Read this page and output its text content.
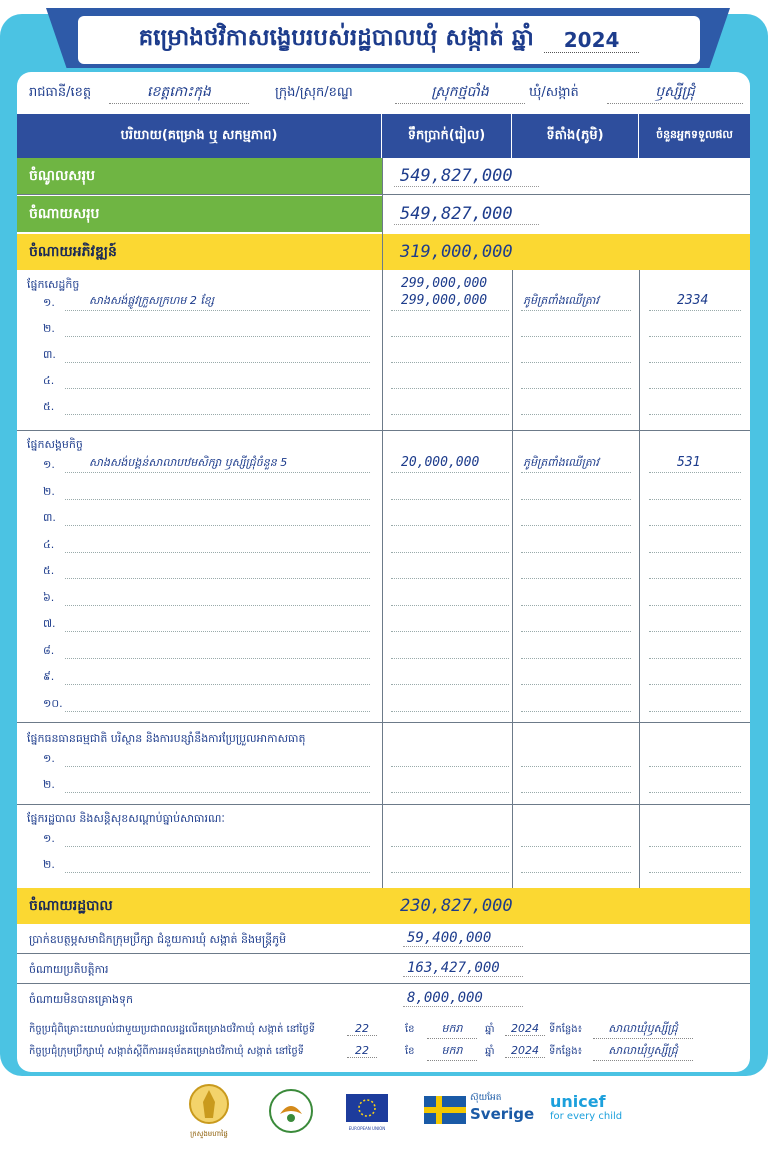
គម្រោងថវិកាសង្ខេបរបស់រដ្ឋបាលឃុំ សង្កាត់ ឆ្នាំ	2024
រាជធានី/ខេត្ត	ខេត្តកោះកុង	ក្រុង/ស្រុក/ខណ្ឌ	ស្រុកថ្មបាំង	ឃុំ/សង្កាត់	ឫស្សីជ្រុំ
បរិយាយ(គម្រោង ឬ សកម្មភាព)	ទឹកប្រាក់(រៀល)	ទីតាំង(ភូមិ)	ចំនួនអ្នកទទួលផល
ចំណូលសរុប	549,827,000
ចំណាយសរុប	549,827,000
ចំណាយអភិវឌ្ឍន៍	319,000,000
ផ្នែកសេដ្ឋកិច្ច	299,000,000
ផ្នែកសង្គមកិច្ច
ផ្នែកធនធានធម្មជាតិ បរិស្ថាន និងការបន្សាំនឹងការប្រែប្រួលអាកាសធាតុ
ផ្នែករដ្ឋបាល និងសន្តិសុខសណ្តាប់ធ្នាប់សាធារណៈ
ចំណាយរដ្ឋបាល	230,827,000
ប្រាក់ឧបត្ថម្ភសមាជិកក្រុមប្រឹក្សា ជំនួយការឃុំ សង្កាត់ និងមន្រ្តីភូមិ	59,400,000
ចំណាយប្រតិបត្តិការ	163,427,000
ចំណាយមិនបានគ្រោងទុក	8,000,000
១.	សាងសង់ផ្លូវក្រួសក្រហម 2 ខ្សែ	299,000,000	ភូមិត្រពាំងឈើត្រាវ	2334
២.
៣.
៤.
៥.
១.	សាងសង់បង្គន់សាលាបឋមសិក្សា ឫស្សីជ្រុំចំនួន 5	20,000,000	ភូមិត្រពាំងឈើត្រាវ	531
២.
៣.
៤.
៥.
៦.
៧.
៨.
៩.
១០.
១.
២.
១.
២.
កិច្ចប្រជុំពិគ្រោះយោបល់ជាមួយប្រជាពលរដ្ឋលើគម្រោងថវិកាឃុំ សង្កាត់ នៅថ្ងៃទី	22	ខែ	មករា	ឆ្នាំ	2024	ទីកន្លែង៖	សាលាឃុំឫស្សីជ្រុំ
កិច្ចប្រជុំក្រុមប្រឹក្សាឃុំ សង្កាត់ស្តីពីការអនុម័តគម្រោងថវិកាឃុំ សង្កាត់ នៅថ្ងៃទី	22	ខែ	មករា	ឆ្នាំ	2024	ទីកន្លែង៖	សាលាឃុំឫស្សីជ្រុំ
ក្រសួងមហាផ្ទៃ
EUROPEAN UNION
ស៊ុយអែត
Sverige
unicef
for every child
